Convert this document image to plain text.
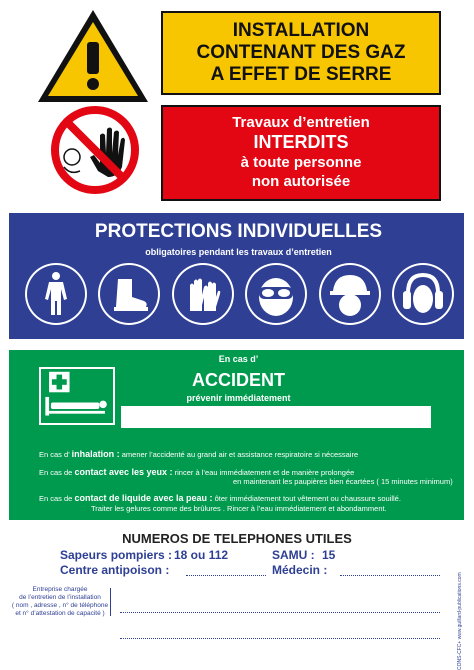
INSTALLATION
CONTENANT DES GAZ
A EFFET DE SERRE
Travaux d’entretien
INTERDITS
à toute personne
non autorisée
PROTECTIONS INDIVIDUELLES
obligatoires pendant les travaux d’entretien
En cas d’
ACCIDENT
prévenir immédiatement
En cas d’ inhalation : amener l’accidenté au grand air et assistance respiratoire si nécessaire
En cas de contact avec les yeux : rincer à l’eau immédiatement et de manière prolongée
en maintenant les paupières bien écartées ( 15 minutes minimum)
En cas de contact de liquide avec la peau : ôter immédiatement tout vêtement ou chaussure souillé.
Traiter les gelures comme des brûlures . Rincer à l’eau immédiatement et abondamment.
NUMEROS DE TELEPHONES UTILES
Sapeurs pompiers : 18 ou 112	SAMU : 15
Centre antipoison :	Médecin :
Entreprise chargée
de l’entretien de l’installation
( nom , adresse , n° de téléphone
et n° d’attestation de capacité )	CONS-CFC+ www.guillard-publications.com
